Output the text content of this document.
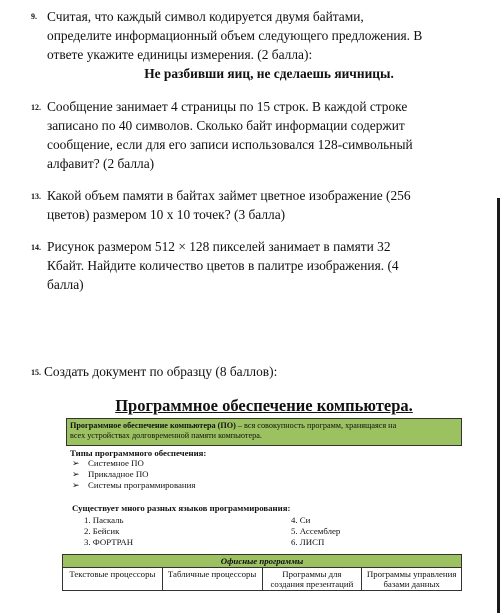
9. Считая, что каждый символ кодируется двумя байтами,
определите информационный объем следующего предложения. В
ответе укажите единицы измерения. (2 балла):
Не разбивши яиц, не сделаешь яичницы.
12. Сообщение занимает 4 страницы по 15 строк. В каждой строке
записано по 40 символов. Сколько байт информации содержит
сообщение, если для его записи использовался 128-символьный
алфавит? (2 балла)
13. Какой объем памяти в байтах займет цветное изображение (256
цветов) размером 10 х 10 точек? (3 балла)
14. Рисунок размером 512 × 128 пикселей занимает в памяти 32
Кбайт. Найдите количество цветов в палитре изображения. (4
балла)
15. Создать документ по образцу (8 баллов):
Программное обеспечение компьютера.
Программное обеспечение компьютера (ПО) – вся совокупность программ, хранящаяся на
всех устройствах долговременной памяти компьютера.
Типы программного обеспечения:
➢ Системное ПО
➢ Прикладное ПО
➢ Системы программирования
Существует много разных языков программирования:
1. Паскаль
2. Бейсик
3. ФОРТРАН
4. Си
5. Ассемблер
6. ЛИСП
Офисные программы
Текстовые процессоры	Табличные процессоры	Программы для создания презентаций	Программы управления базами данных
